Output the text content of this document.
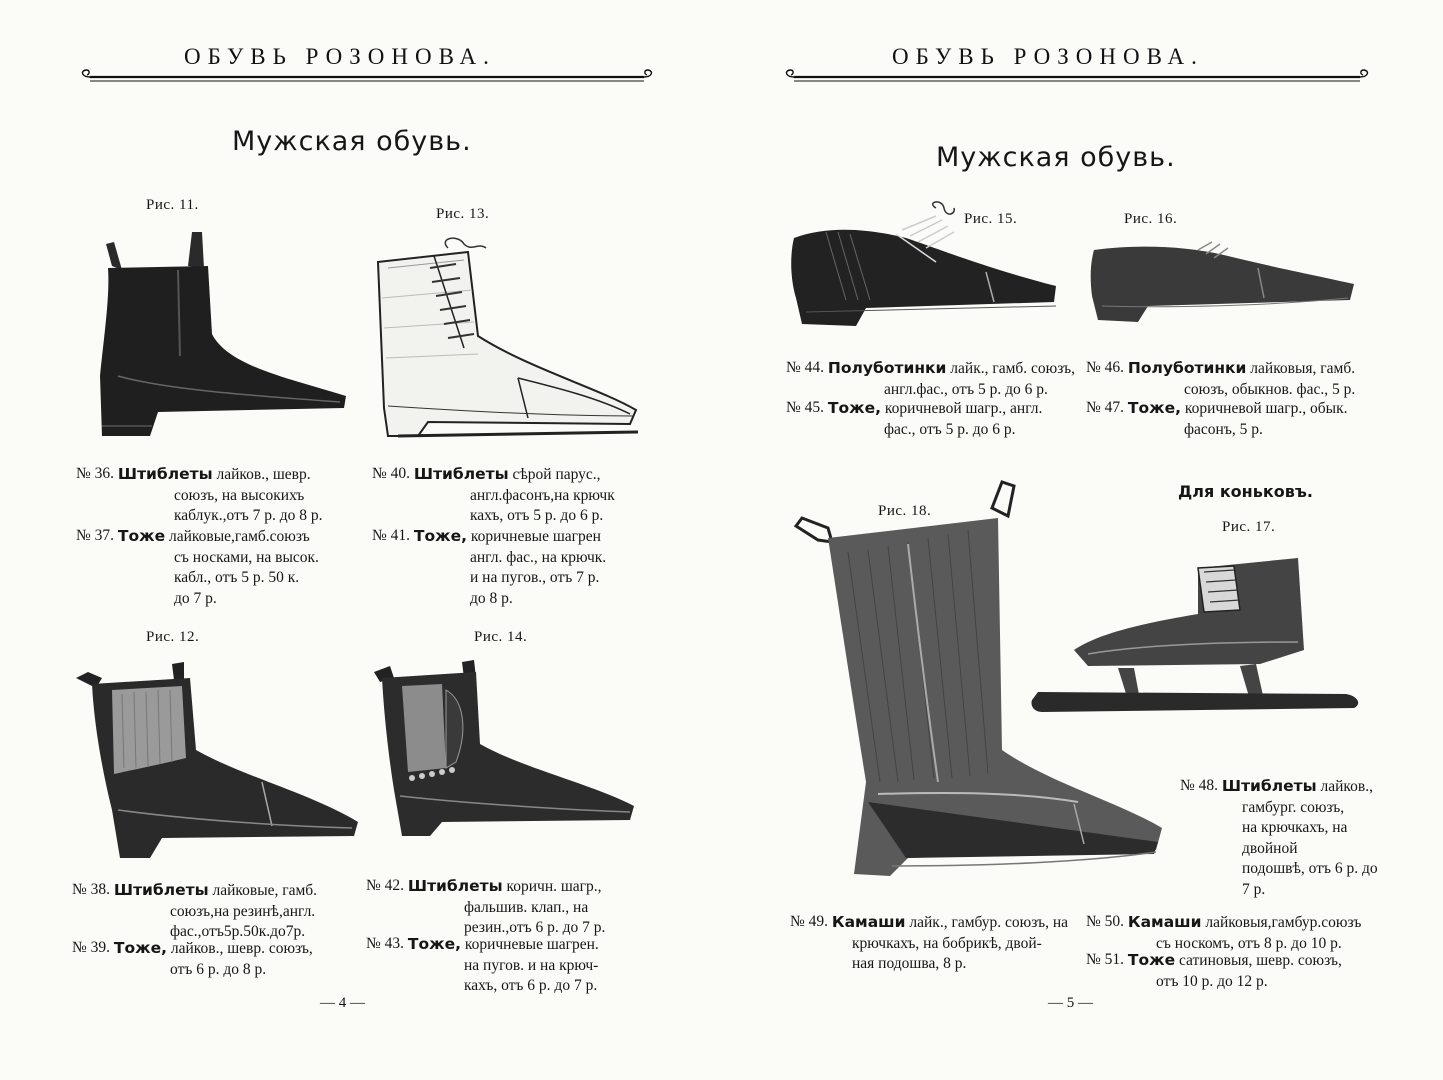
ОБУВЬ РОЗОНОВА.
Мужская обувь.
Рис. 11.
Рис. 13.
№ 36.
Штиблеты лайков., шевр.
союзъ, на высокихъ
каблук.,отъ 7 р. до 8 р.
№ 37.
Тоже лайковые,гамб.союзъ
съ носками, на высок.
кабл., отъ 5 р. 50 к.
до 7 р.
№ 40.
Штиблеты сѣрой парус.,
англ.фасонъ,на крючк
кахъ, отъ 5 р. до 6 р.
№ 41.
Тоже, коричневые шагрен
англ. фас., на крючк.
и на пугов., отъ 7 р.
до 8 р.
Рис. 12.	Рис. 14.
№ 38.
Штиблеты лайковые, гамб.
союзъ,на резинѣ,англ.
фас.,отъ5р.50к.до7р.
№ 39.
Тоже, лайков., шевр. союзъ,
отъ 6 р. до 8 р.
№ 42.
Штиблеты коричн. шагр.,
фальшив. клап., на
резин.,отъ 6 р. до 7 р.
№ 43.
Тоже, коричневые шагрен.
на пугов. и на крюч-
кахъ, отъ 6 р. до 7 р.
— 4 —
ОБУВЬ РОЗОНОВА.
Мужская обувь.
Рис. 15.	Рис. 16.
№ 44.
Полуботинки лайк., гамб. союзъ,
англ.фас., отъ 5 р. до 6 р.
№ 45.
Тоже, коричневой шагр., англ.
фас., отъ 5 р. до 6 р.
№ 46.
Полуботинки лайковыя, гамб.
союзъ, обыкнов. фас., 5 р.
№ 47.
Тоже, коричневой шагр., обык.
фасонъ, 5 р.
Для коньковъ.
Рис. 18.
Рис. 17.
№ 48.
Штиблеты лайков.,
гамбург. союзъ,
на крючкахъ, на
двойной
подошвѣ, отъ 6 р. до
7 р.
№ 49.
Камаши лайк., гамбур. союзъ, на
крючкахъ, на бобрикѣ, двой-
ная подошва, 8 р.
№ 50.
Камаши лайковыя,гамбур.союзъ
съ носкомъ, отъ 8 р. до 10 р.
№ 51.
Тоже сатиновыя, шевр. союзъ,
отъ 10 р. до 12 р.
— 5 —
